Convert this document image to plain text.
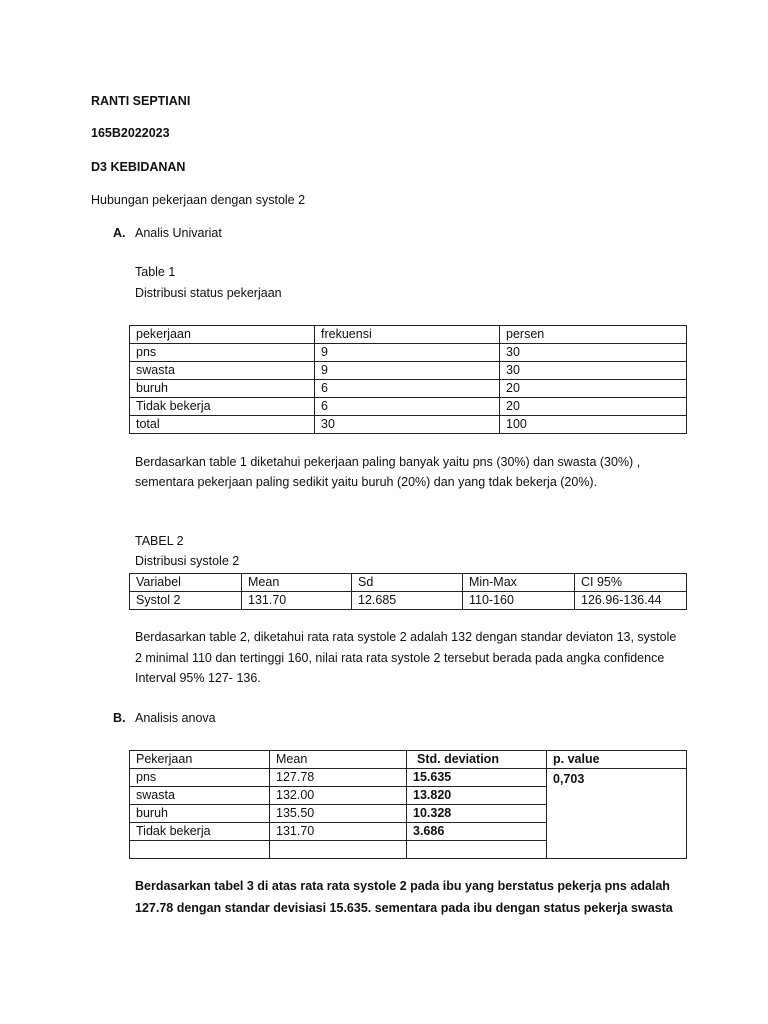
RANTI SEPTIANI
165B2022023
D3 KEBIDANAN
Hubungan pekerjaan dengan systole 2
A. Analis Univariat
Table 1
Distribusi status pekerjaan
pekerjaan	frekuensi	persen
pns	9	30
swasta	9	30
buruh	6	20
Tidak bekerja	6	20
total	30	100
Berdasarkan table 1 diketahui pekerjaan paling banyak yaitu pns (30%) dan swasta (30%) ,
sementara pekerjaan paling sedikit yaitu buruh (20%) dan yang tdak bekerja (20%).
TABEL 2
Distribusi systole 2
Variabel	Mean	Sd	Min-Max	CI 95%
Systol 2	131.70	12.685	110-160	126.96-136.44
Berdasarkan table 2, diketahui rata rata systole 2 adalah 132 dengan standar deviaton 13, systole
2 minimal 110 dan tertinggi 160, nilai rata rata systole 2 tersebut berada pada angka confidence
Interval 95% 127- 136.
B. Analisis anova
Pekerjaan	Mean	Std. deviation	p. value
pns	127.78	15.635	0,703
swasta	132.00	13.820	
buruh	135.50	10.328	
Tidak bekerja	131.70	3.686	

Berdasarkan tabel 3 di atas rata rata systole 2 pada ibu yang berstatus pekerja pns adalah
127.78 dengan standar devisiasi 15.635. sementara pada ibu dengan status pekerja swasta
